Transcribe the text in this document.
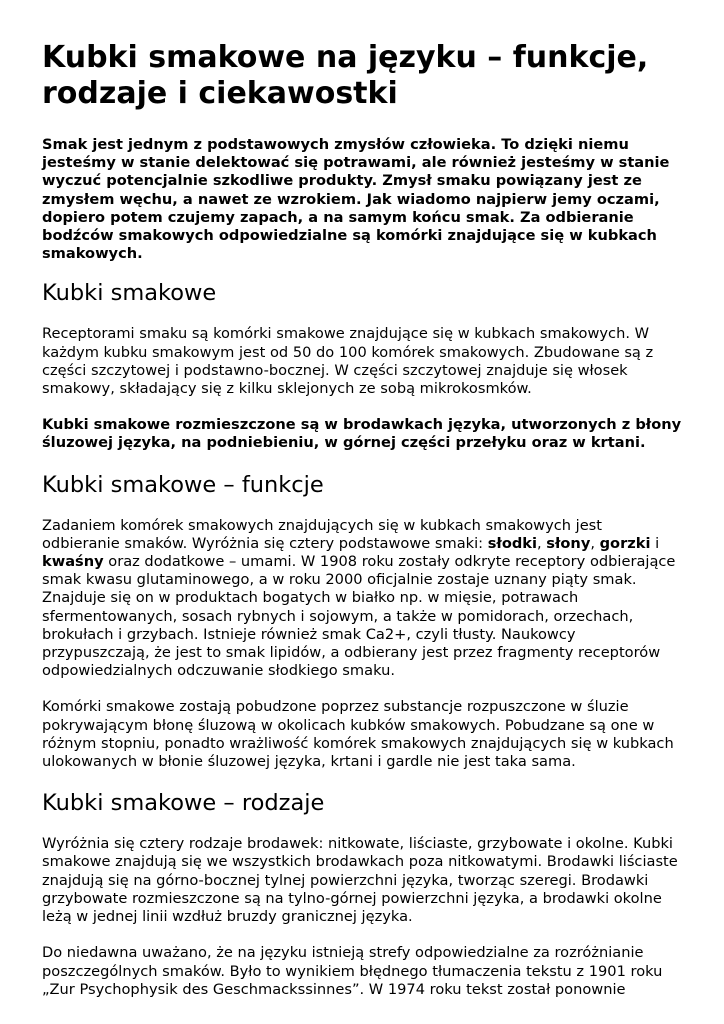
Kubki smakowe na języku – funkcje, rodzaje i ciekawostki

Smak jest jednym z podstawowych zmysłów człowieka. To dzięki niemu jesteśmy w stanie delektować się potrawami, ale również jesteśmy w stanie wyczuć potencjalnie szkodliwe produkty. Zmysł smaku powiązany jest ze zmysłem węchu, a nawet ze wzrokiem. Jak wiadomo najpierw jemy oczami, dopiero potem czujemy zapach, a na samym końcu smak. Za odbieranie bodźców smakowych odpowiedzialne są komórki znajdujące się w kubkach smakowych.

Kubki smakowe

Receptorami smaku są komórki smakowe znajdujące się w kubkach smakowych. W każdym kubku smakowym jest od 50 do 100 komórek smakowych. Zbudowane są z części szczytowej i podstawno-bocznej. W części szczytowej znajduje się włosek smakowy, składający się z kilku sklejonych ze sobą mikrokosmków.

Kubki smakowe rozmieszczone są w brodawkach języka, utworzonych z błony śluzowej języka, na podniebieniu, w górnej części przełyku oraz w krtani.

Kubki smakowe – funkcje

Zadaniem komórek smakowych znajdujących się w kubkach smakowych jest odbieranie smaków. Wyróżnia się cztery podstawowe smaki: słodki, słony, gorzki i kwaśny oraz dodatkowe – umami. W 1908 roku zostały odkryte receptory odbierające smak kwasu glutaminowego, a w roku 2000 oficjalnie zostaje uznany piąty smak. Znajduje się on w produktach bogatych w białko np. w mięsie, potrawach sfermentowanych, sosach rybnych i sojowym, a także w pomidorach, orzechach, brokułach i grzybach. Istnieje również smak Ca2+, czyli tłusty. Naukowcy przypuszczają, że jest to smak lipidów, a odbierany jest przez fragmenty receptorów odpowiedzialnych odczuwanie słodkiego smaku.

Komórki smakowe zostają pobudzone poprzez substancje rozpuszczone w śluzie pokrywającym błonę śluzową w okolicach kubków smakowych. Pobudzane są one w różnym stopniu, ponadto wrażliwość komórek smakowych znajdujących się w kubkach ulokowanych w błonie śluzowej języka, krtani i gardle nie jest taka sama.

Kubki smakowe – rodzaje

Wyróżnia się cztery rodzaje brodawek: nitkowate, liściaste, grzybowate i okolne. Kubki smakowe znajdują się we wszystkich brodawkach poza nitkowatymi. Brodawki liściaste znajdują się na górno-bocznej tylnej powierzchni języka, tworząc szeregi. Brodawki grzybowate rozmieszczone są na tylno-górnej powierzchni języka, a brodawki okolne leżą w jednej linii wzdłuż bruzdy granicznej języka.

Do niedawna uważano, że na języku istnieją strefy odpowiedzialne za rozróżnianie poszczególnych smaków. Było to wynikiem błędnego tłumaczenia tekstu z 1901 roku „Zur Psychophysik des Geschmackssinnes”. W 1974 roku tekst został ponownie
